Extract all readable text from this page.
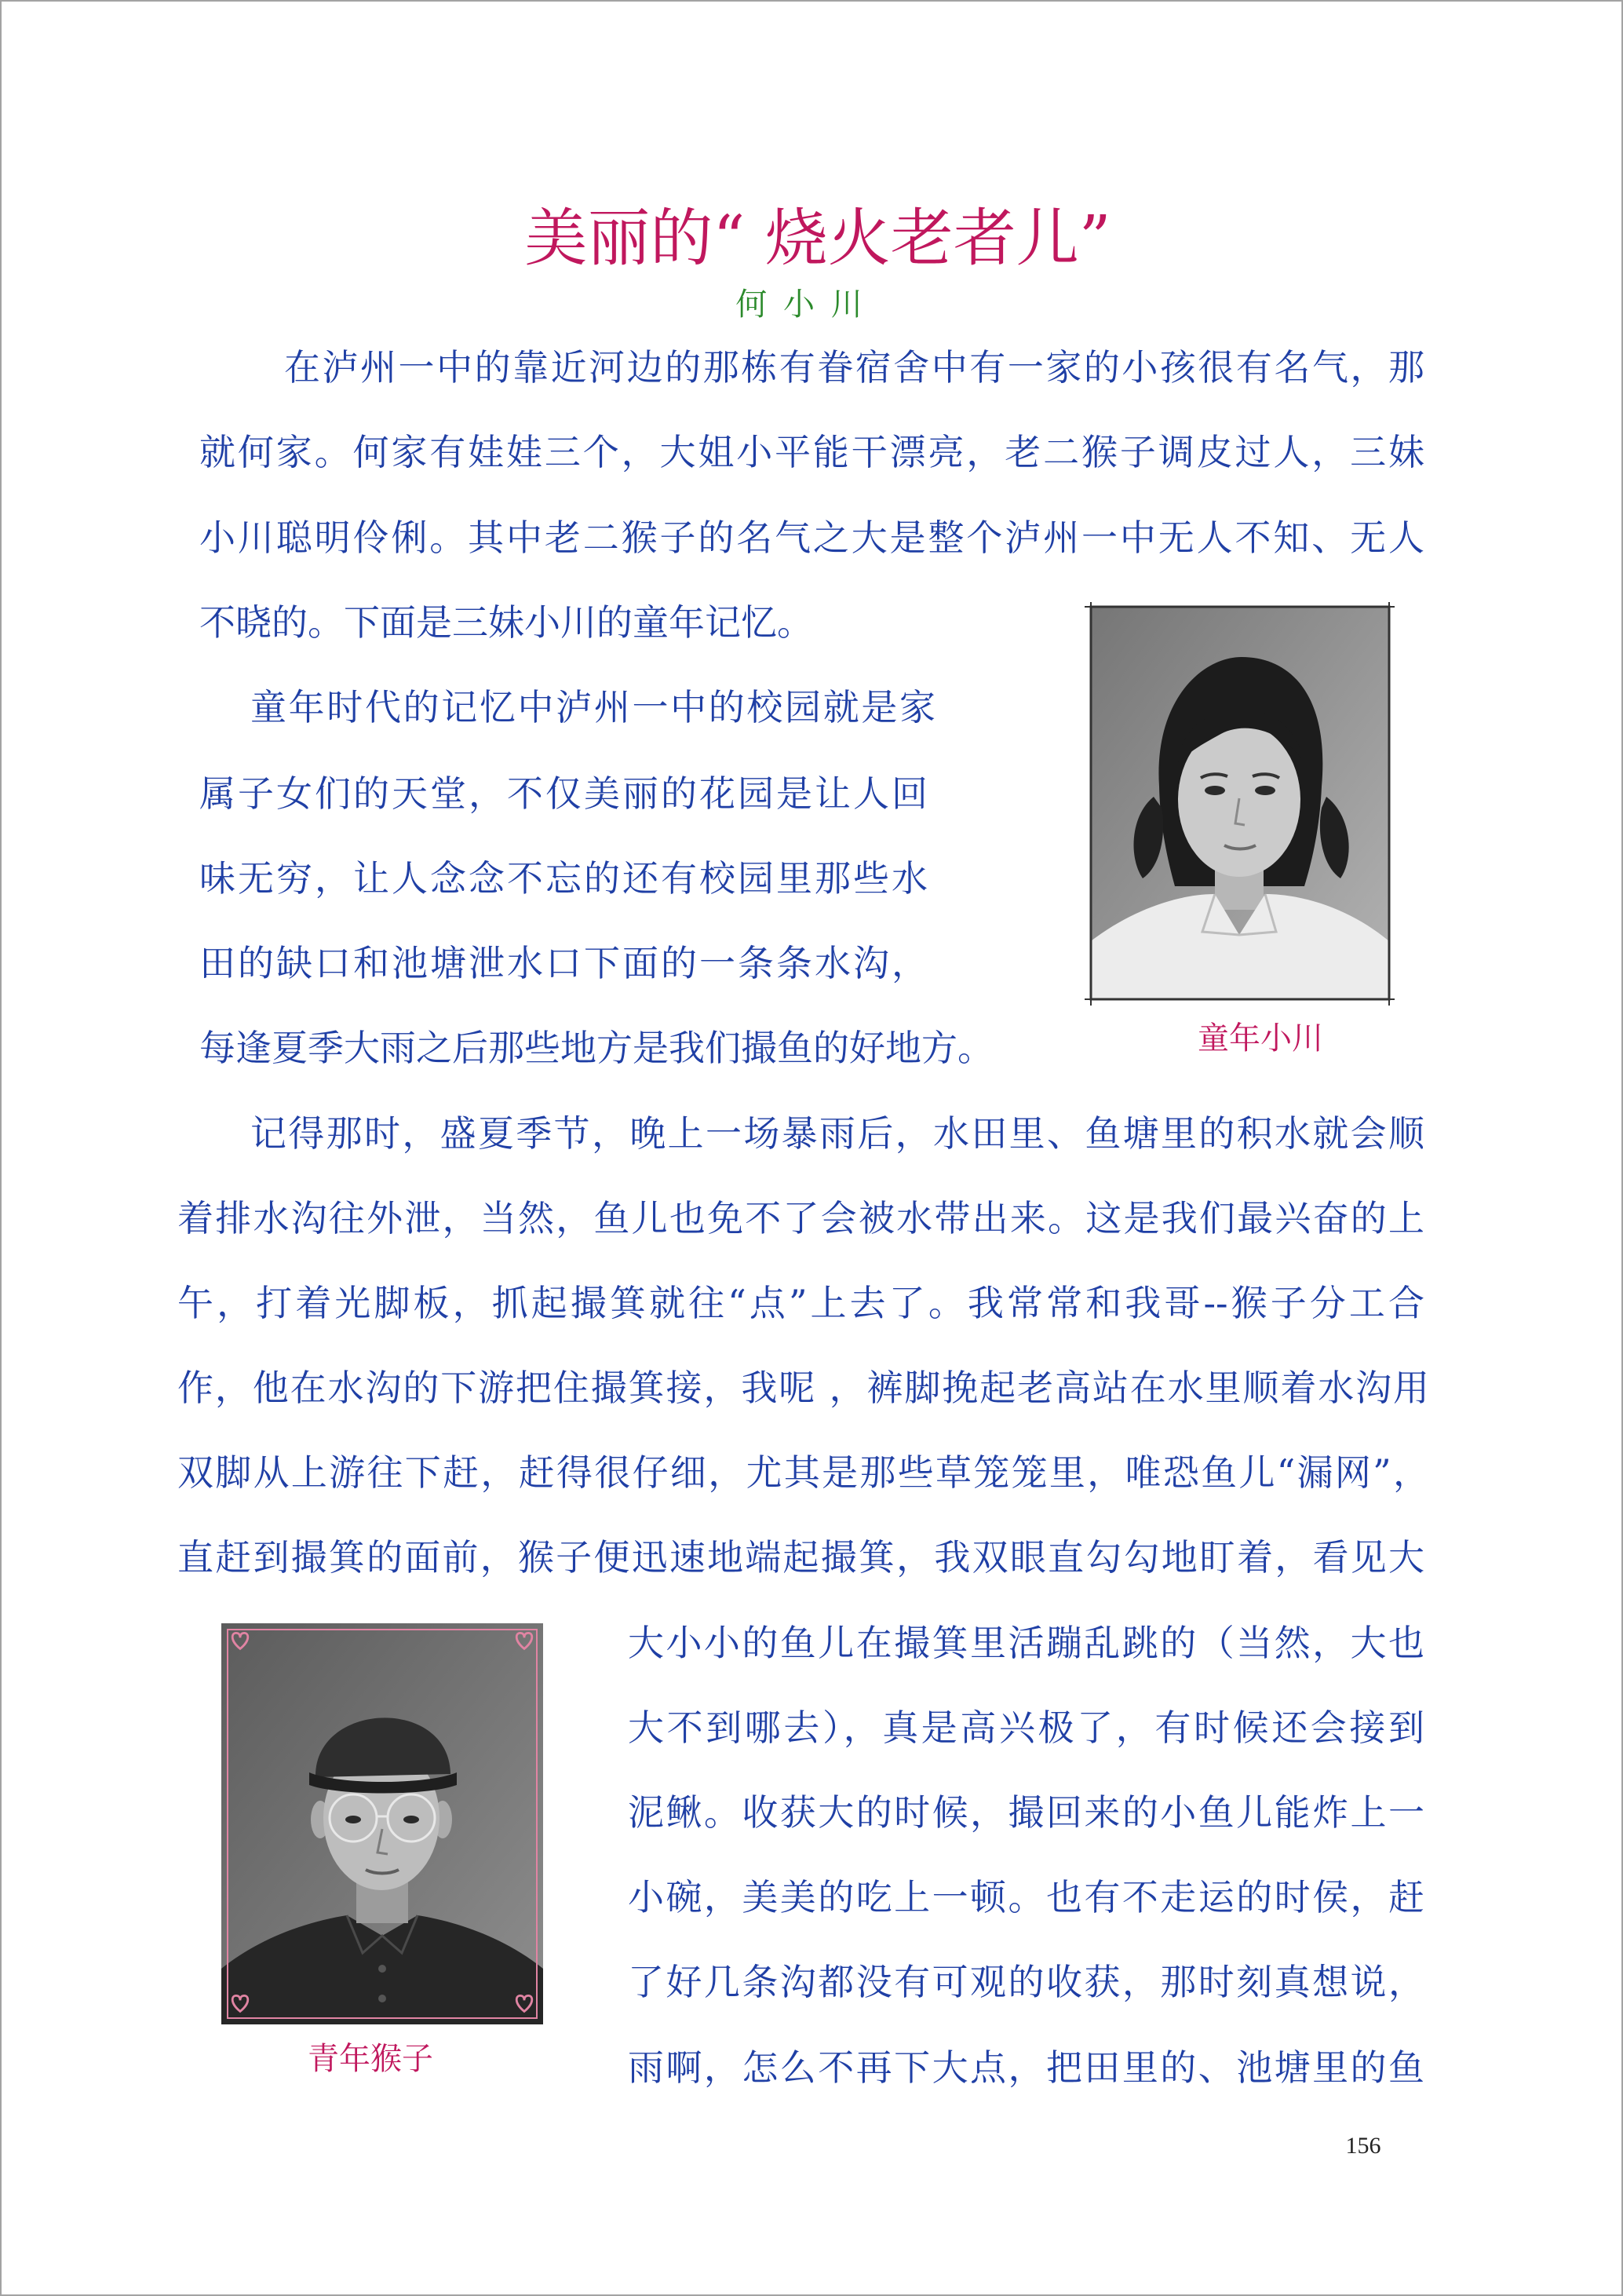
美丽的“ 烧火老者儿”
何 小 川
在泸州一中的靠近河边的那栋有眷宿舍中有一家的小孩很有名气，那
就何家。何家有娃娃三个，大姐小平能干漂亮，老二猴子调皮过人，三妹
小川聪明伶俐。其中老二猴子的名气之大是整个泸州一中无人不知、无人
不晓的。下面是三妹小川的童年记忆。
童年时代的记忆中泸州一中的校园就是家
属子女们的天堂，不仅美丽的花园是让人回
味无穷，让人念念不忘的还有校园里那些水
田的缺口和池塘泄水口下面的一条条水沟，
每逢夏季大雨之后那些地方是我们撮鱼的好地方。	童年小川
记得那时，盛夏季节，晚上一场暴雨后，水田里、鱼塘里的积水就会顺
着排水沟往外泄，当然，鱼儿也免不了会被水带出来。这是我们最兴奋的上
午，打着光脚板，抓起撮箕就往“点”上去了。我常常和我哥--猴子分工合
作，他在水沟的下游把住撮箕接，我呢 ，裤脚挽起老高站在水里顺着水沟用
双脚从上游往下赶，赶得很仔细，尤其是那些草笼笼里，唯恐鱼儿“漏网”，
直赶到撮箕的面前，猴子便迅速地端起撮箕，我双眼直勾勾地盯着，看见大
大小小的鱼儿在撮箕里活蹦乱跳的（当然，大也
大不到哪去），真是高兴极了，有时候还会接到
泥鳅。收获大的时候，撮回来的小鱼儿能炸上一
小碗，美美的吃上一顿。也有不走运的时侯，赶
了好几条沟都没有可观的收获，那时刻真想说，
雨啊，怎么不再下大点，把田里的、池塘里的鱼
青年猴子
156
